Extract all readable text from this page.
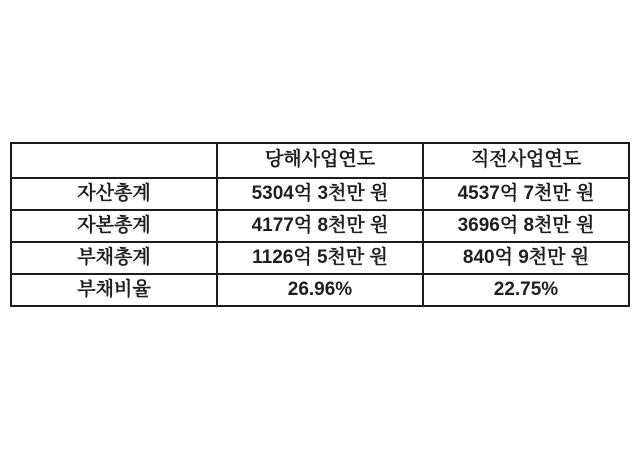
	당해사업연도	직전사업연도
자산총계	5304억 3천만 원	4537억 7천만 원
자본총계	4177억 8천만 원	3696억 8천만 원
부채총계	1126억 5천만 원	840억 9천만 원
부채비율	26.96%	22.75%
